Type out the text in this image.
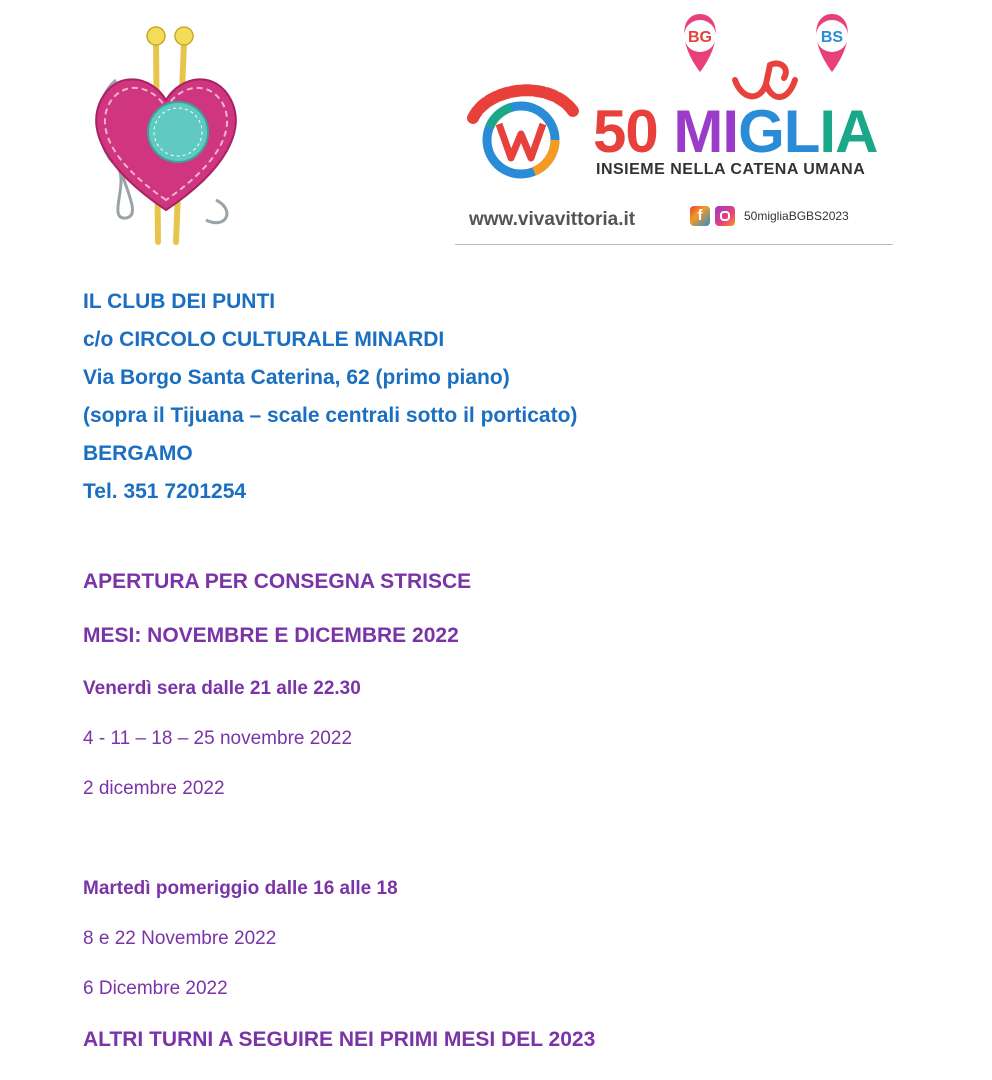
BG	BS
50 MIGLIA
INSIEME NELLA CATENA UMANA
www.vivavittoria.it	f	50migliaBGBS2023

IL CLUB DEI PUNTI

c/o CIRCOLO CULTURALE MINARDI

Via Borgo Santa Caterina, 62 (primo piano)

(sopra il Tijuana – scale centrali sotto il porticato)

BERGAMO

Tel. 351 7201254

APERTURA PER CONSEGNA STRISCE

MESI: NOVEMBRE E DICEMBRE 2022

Venerdì sera dalle 21 alle 22.30

4 - 11 – 18 – 25 novembre 2022

2 dicembre 2022

Martedì pomeriggio dalle 16 alle 18

8 e 22 Novembre 2022

6 Dicembre 2022

ALTRI TURNI A SEGUIRE NEI PRIMI MESI DEL 2023
